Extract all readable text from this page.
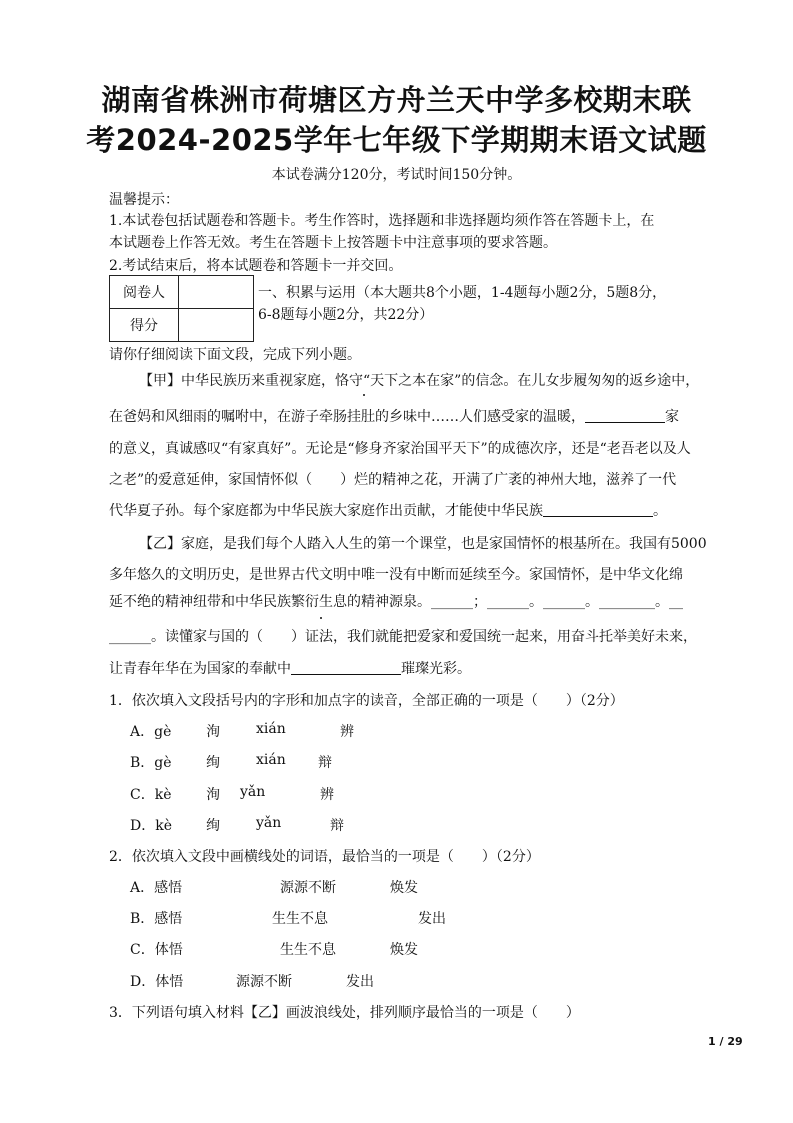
湖南省株洲市荷塘区方舟兰天中学多校期末联
考2024-2025学年七年级下学期期末语文试题
本试卷满分120分，考试时间150分钟。
温馨提示：
1.本试卷包括试题卷和答题卡。考生作答时，选择题和非选择题均须作答在答题卡上，在
本试题卷上作答无效。考生在答题卡上按答题卡中注意事项的要求答题。
2.考试结束后，将本试题卷和答题卡一并交回。
阅卷人	
得分	
一、积累与运用（本大题共8个小题，1-4题每小题2分，5题8分，
6-8题每小题2分，共22分）
请你仔细阅读下面文段，完成下列小题。
【甲】中华民族历来重视家庭，恪守“天下之本在家”的信念。在儿女步履匆匆的返乡途中，
在爸妈和风细雨的嘱咐中，在游子牵肠挂肚的乡味中……人们感受家的温暖，	家
的意义，真诚感叹“有家真好”。无论是“修身齐家治国平天下”的成德次序，还是“老吾老以及人
之老”的爱意延伸，家国情怀似（　　）烂的精神之花，开满了广袤的神州大地，滋养了一代
代华夏子孙。每个家庭都为中华民族大家庭作出贡献，才能使中华民族	。
【乙】家庭，是我们每个人踏入人生的第一个课堂，也是家国情怀的根基所在。我国有5000
多年悠久的文明历史，是世界古代文明中唯一没有中断而延续至今。家国情怀，是中华文化绵
延不绝的精神纽带和中华民族繁衍生息的精神源泉。______；______。______。________。__
______。读懂家与国的（　　）证法，我们就能把爱家和爱国统一起来，用奋斗托举美好未来，
让青春年华在为国家的奉献中	璀璨光彩。
1．依次填入文段括号内的字形和加点字的读音，全部正确的一项是（　　）（2分）
A．gè 洵	xián	辨
B．gè 绚	xián 辩
C．kè 洵 yǎn	辨
D．kè 绚	yǎn	辩
2．依次填入文段中画横线处的词语，最恰当的一项是（　　）（2分）
A．感悟	源源不断	焕发
B．感悟	生生不息	发出
C．体悟	生生不息	焕发
D．体悟	源源不断	发出
3．下列语句填入材料【乙】画波浪线处，排列顺序最恰当的一项是（　　）
1 / 29
